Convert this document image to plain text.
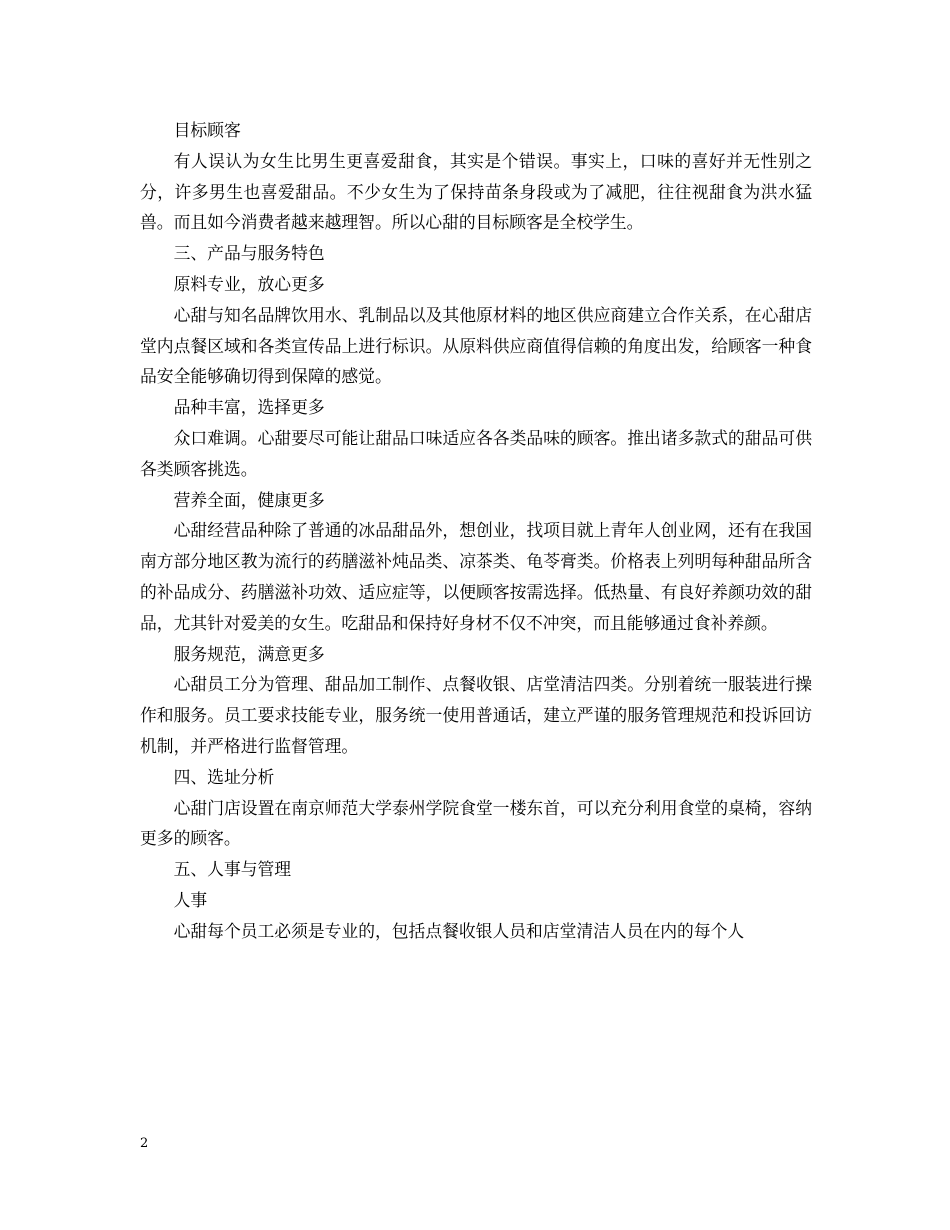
目标顾客

有人误认为女生比男生更喜爱甜食，其实是个错误。事实上，口味的喜好并无性别之分，许多男生也喜爱甜品。不少女生为了保持苗条身段或为了减肥，往往视甜食为洪水猛兽。而且如今消费者越来越理智。所以心甜的目标顾客是全校学生。

三、产品与服务特色

原料专业，放心更多

心甜与知名品牌饮用水、乳制品以及其他原材料的地区供应商建立合作关系，在心甜店堂内点餐区域和各类宣传品上进行标识。从原料供应商值得信赖的角度出发，给顾客一种食品安全能够确切得到保障的感觉。

品种丰富，选择更多

众口难调。心甜要尽可能让甜品口味适应各各类品味的顾客。推出诸多款式的甜品可供各类顾客挑选。

营养全面，健康更多

心甜经营品种除了普通的冰品甜品外，想创业，找项目就上青年人创业网，还有在我国南方部分地区教为流行的药膳滋补炖品类、凉茶类、龟苓膏类。价格表上列明每种甜品所含的补品成分、药膳滋补功效、适应症等，以便顾客按需选择。低热量、有良好养颜功效的甜品，尤其针对爱美的女生。吃甜品和保持好身材不仅不冲突，而且能够通过食补养颜。

服务规范，满意更多

心甜员工分为管理、甜品加工制作、点餐收银、店堂清洁四类。分别着统一服装进行操作和服务。员工要求技能专业，服务统一使用普通话，建立严谨的服务管理规范和投诉回访机制，并严格进行监督管理。

四、选址分析

心甜门店设置在南京师范大学泰州学院食堂一楼东首，可以充分利用食堂的桌椅，容纳更多的顾客。

五、人事与管理

人事

心甜每个员工必须是专业的，包括点餐收银人员和店堂清洁人员在内的每个人

2
